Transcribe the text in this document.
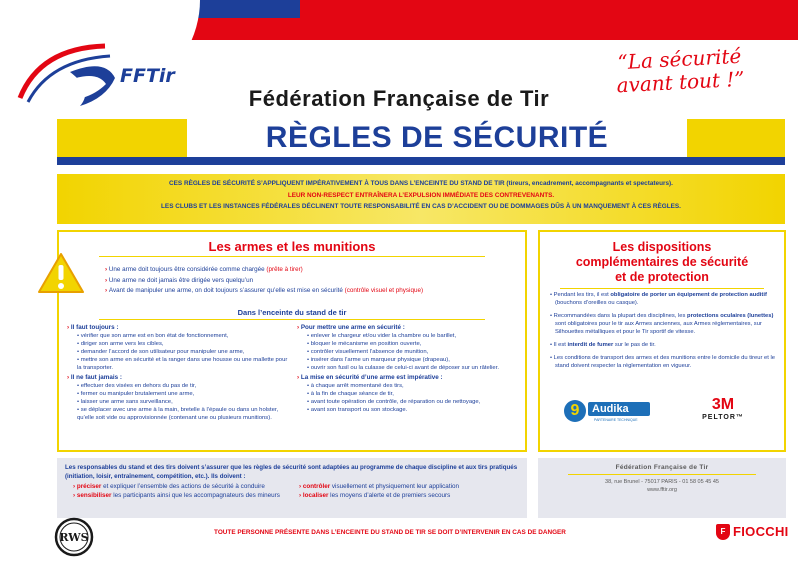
FFTir
“La sécurité
avant tout !”
Fédération Française de Tir
RÈGLES DE SÉCURITÉ
CES RÈGLES DE SÉCURITÉ S’APPLIQUENT IMPÉRATIVEMENT À TOUS DANS L’ENCEINTE DU STAND DE TIR (tireurs, encadrement, accompagnants et spectateurs).
LEUR NON-RESPECT ENTRAÎNERA L’EXPULSION IMMÉDIATE DES CONTREVENANTS.
LES CLUBS ET LES INSTANCES FÉDÉRALES DÉCLINENT TOUTE RESPONSABILITÉ EN CAS D’ACCIDENT OU DE DOMMAGES DÛS À UN MANQUEMENT À CES RÈGLES.
Les armes et les munitions
› Une arme doit toujours être considérée comme chargée (prête à tirer)
› Une arme ne doit jamais être dirigée vers quelqu’un
› Avant de manipuler une arme, on doit toujours s’assurer qu’elle est mise en sécurité (contrôle visuel et physique)
Dans l’enceinte du stand de tir
› Il faut toujours :
• vérifier que son arme est en bon état de fonctionnement,
• diriger son arme vers les cibles,
• demander l’accord de son utilisateur pour manipuler une arme,
• mettre son arme en sécurité et la ranger dans une housse ou une mallette pour la transporter.
› Il ne faut jamais :
• effectuer des visées en dehors du pas de tir,
• fermer ou manipuler brutalement une arme,
• laisser une arme sans surveillance,
• se déplacer avec une arme à la main, bretelle à l’épaule ou dans un holster, qu’elle soit vide ou approvisionnée (contenant une ou plusieurs munitions).
› Pour mettre une arme en sécurité :
• enlever le chargeur et/ou vider la chambre ou le barillet,
• bloquer le mécanisme en position ouverte,
• contrôler visuellement l’absence de munition,
• insérer dans l’arme un marqueur physique (drapeau),
• ouvrir son fusil ou la culasse de celui-ci avant de déposer sur un râtelier.
› La mise en sécurité d’une arme est impérative :
• à chaque arrêt momentané des tirs,
• à la fin de chaque séance de tir,
• avant toute opération de contrôle, de réparation ou de nettoyage,
• avant son transport ou son stockage.
Les dispositions
complémentaires de sécurité
et de protection
• Pendant les tirs, il est obligatoire de porter un équipement de protection auditif (bouchons d’oreilles ou casque).
• Recommandées dans la plupart des disciplines, les protections oculaires (lunettes) sont obligatoires pour le tir aux Armes anciennes, aux Armes réglementaires, sur Silhouettes métalliques et pour le Tir sportif de vitesse.
• Il est interdit de fumer sur le pas de tir.
• Les conditions de transport des armes et des munitions entre le domicile du tireur et le stand doivent respecter la réglementation en vigueur.
9	Audika
PARTENAIRE TECHNIQUE
3M
PELTOR™
Les responsables du stand et des tirs doivent s’assurer que les règles de sécurité sont adaptées au programme de chaque discipline et aux tirs pratiqués (initiation, loisir, entraînement, compétition, etc.). Ils doivent :
› préciser et expliquer l’ensemble des actions de sécurité à conduire
› sensibiliser les participants ainsi que les accompagnateurs des mineurs
› contrôler visuellement et physiquement leur application
› localiser les moyens d’alerte et de premiers secours
Fédération Française de Tir
38, rue Brunel - 75017 PARIS - 01 58 05 45 45
www.fftir.org
RWS	TOUTE PERSONNE PRÉSENTE DANS L’ENCEINTE DU STAND DE TIR SE DOIT D’INTERVENIR EN CAS DE DANGER	F FIOCCHI
